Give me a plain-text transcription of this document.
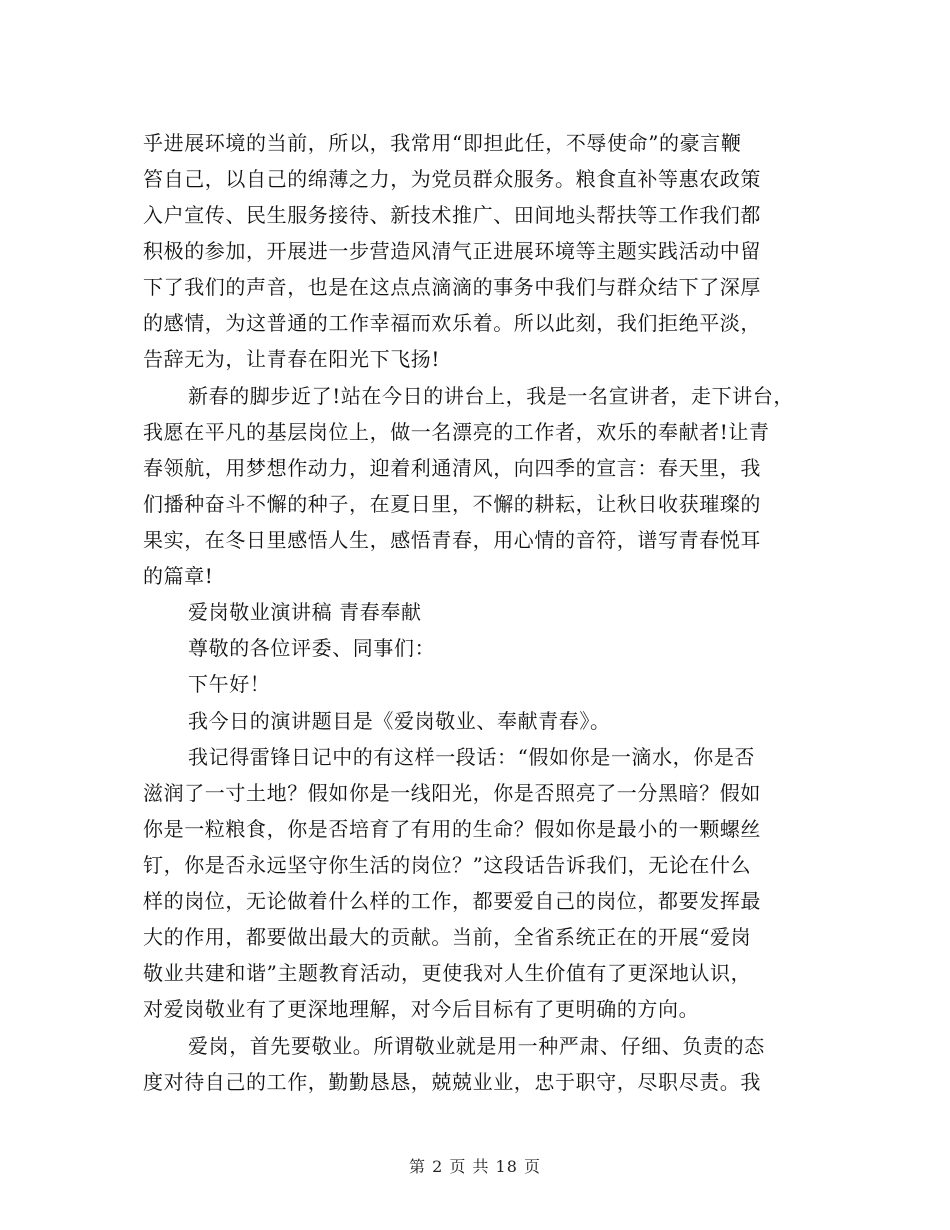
乎进展环境的当前，所以，我常用“即担此任，不辱使命”的豪言鞭
笞自己，以自己的绵薄之力，为党员群众服务。粮食直补等惠农政策
入户宣传、民生服务接待、新技术推广、田间地头帮扶等工作我们都
积极的参加，开展进一步营造风清气正进展环境等主题实践活动中留
下了我们的声音，也是在这点点滴滴的事务中我们与群众结下了深厚
的感情，为这普通的工作幸福而欢乐着。所以此刻，我们拒绝平淡，
告辞无为，让青春在阳光下飞扬!
新春的脚步近了!站在今日的讲台上，我是一名宣讲者，走下讲台，
我愿在平凡的基层岗位上，做一名漂亮的工作者，欢乐的奉献者!让青
春领航，用梦想作动力，迎着利通清风，向四季的宣言：春天里，我
们播种奋斗不懈的种子，在夏日里，不懈的耕耘，让秋日收获璀璨的
果实，在冬日里感悟人生，感悟青春，用心情的音符，谱写青春悦耳
的篇章!
爱岗敬业演讲稿 青春奉献
尊敬的各位评委、同事们：
下午好！
我今日的演讲题目是《爱岗敬业、奉献青春》。
我记得雷锋日记中的有这样一段话：“假如你是一滴水，你是否
滋润了一寸土地？假如你是一线阳光，你是否照亮了一分黑暗？假如
你是一粒粮食，你是否培育了有用的生命？假如你是最小的一颗螺丝
钉，你是否永远坚守你生活的岗位？”这段话告诉我们，无论在什么
样的岗位，无论做着什么样的工作，都要爱自己的岗位，都要发挥最
大的作用，都要做出最大的贡献。当前，全省系统正在的开展“爱岗
敬业共建和谐”主题教育活动，更使我对人生价值有了更深地认识，
对爱岗敬业有了更深地理解，对今后目标有了更明确的方向。
爱岗，首先要敬业。所谓敬业就是用一种严肃、仔细、负责的态
度对待自己的工作，勤勤恳恳，兢兢业业，忠于职守，尽职尽责。我
第 2 页 共 18 页
